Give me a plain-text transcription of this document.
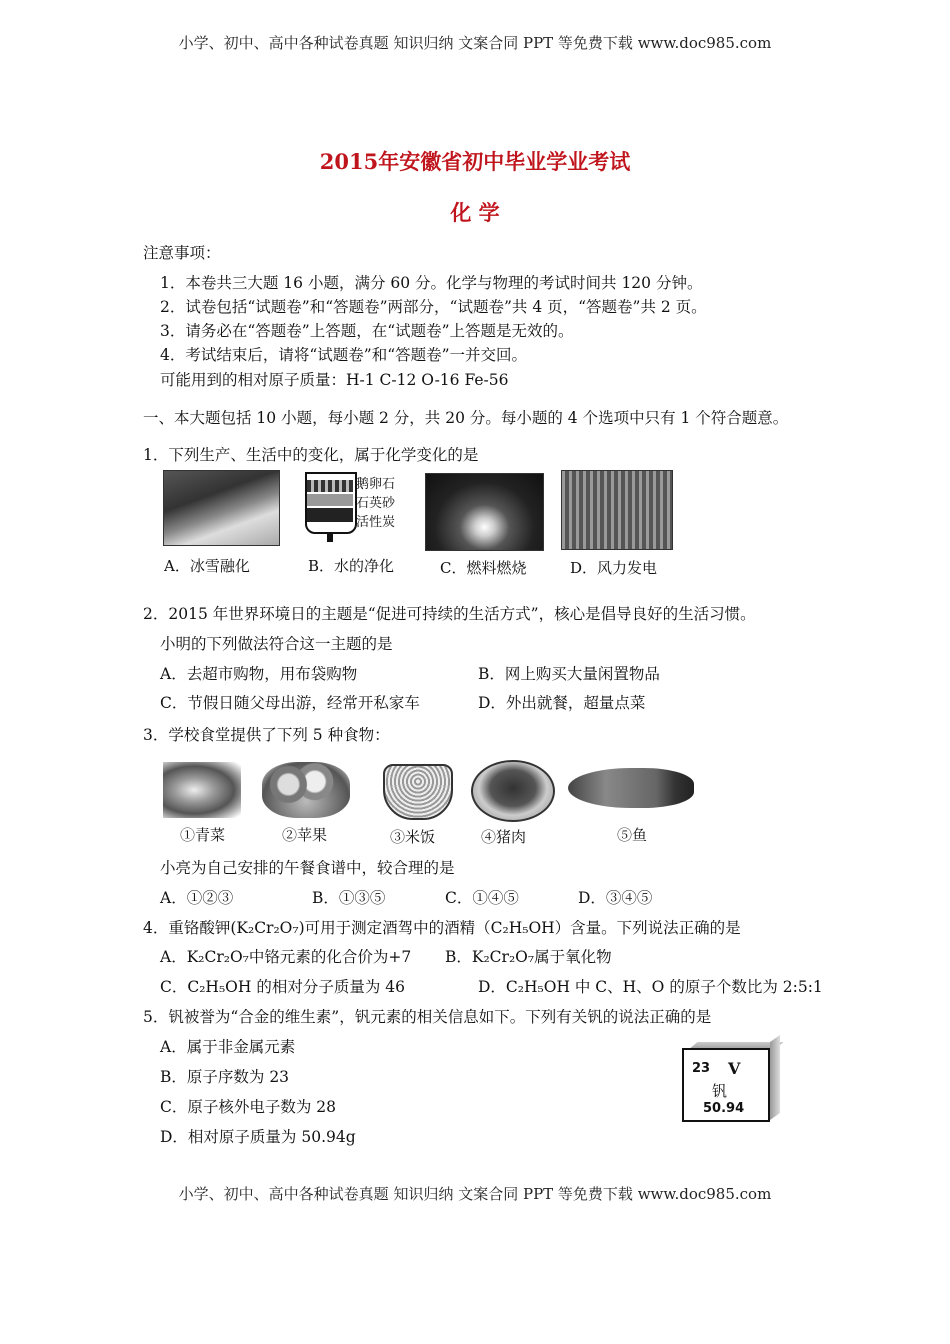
小学、初中、高中各种试卷真题 知识归纳 文案合同 PPT 等免费下载 www.doc985.com
小学、初中、高中各种试卷真题 知识归纳 文案合同 PPT 等免费下载 www.doc985.com
2015年安徽省初中毕业学业考试
化 学
注意事项：
1．本卷共三大题 16 小题，满分 60 分。化学与物理的考试时间共 120 分钟。
2．试卷包括“试题卷”和“答题卷”两部分，“试题卷”共 4 页，“答题卷”共 2 页。
3．请务必在“答题卷”上答题，在“试题卷”上答题是无效的。
4．考试结束后，请将“试题卷”和“答题卷”一并交回。
可能用到的相对原子质量：H-1 C-12 O-16 Fe-56
一、本大题包括 10 小题，每小题 2 分，共 20 分。每小题的 4 个选项中只有 1 个符合题意。
1．下列生产、生活中的变化，属于化学变化的是
鹅卵石
石英砂
活性炭
A．冰雪融化	B．水的净化	C．燃料燃烧	D．风力发电
2．2015 年世界环境日的主题是“促进可持续的生活方式”，核心是倡导良好的生活习惯。
小明的下列做法符合这一主题的是
A．去超市购物，用布袋购物	B．网上购买大量闲置物品
C．节假日随父母出游，经常开私家车	D．外出就餐，超量点菜
3．学校食堂提供了下列 5 种食物：
①青菜	②苹果	③米饭	④猪肉	⑤鱼
小亮为自己安排的午餐食谱中，较合理的是
A．①②③	B．①③⑤	C．①④⑤	D．③④⑤
4．重铬酸钾(K₂Cr₂O₇)可用于测定酒驾中的酒精（C₂H₅OH）含量。下列说法正确的是
A．K₂Cr₂O₇中铬元素的化合价为+7 B．K₂Cr₂O₇属于氧化物
C．C₂H₅OH 的相对分子质量为 46	D．C₂H₅OH 中 C、H、O 的原子个数比为 2:5:1
5．钒被誉为“合金的维生素”，钒元素的相关信息如下。下列有关钒的说法正确的是
A．属于非金属元素
B．原子序数为 23
C．原子核外电子数为 28
D．相对原子质量为 50.94g
23 V
钒
50.94
